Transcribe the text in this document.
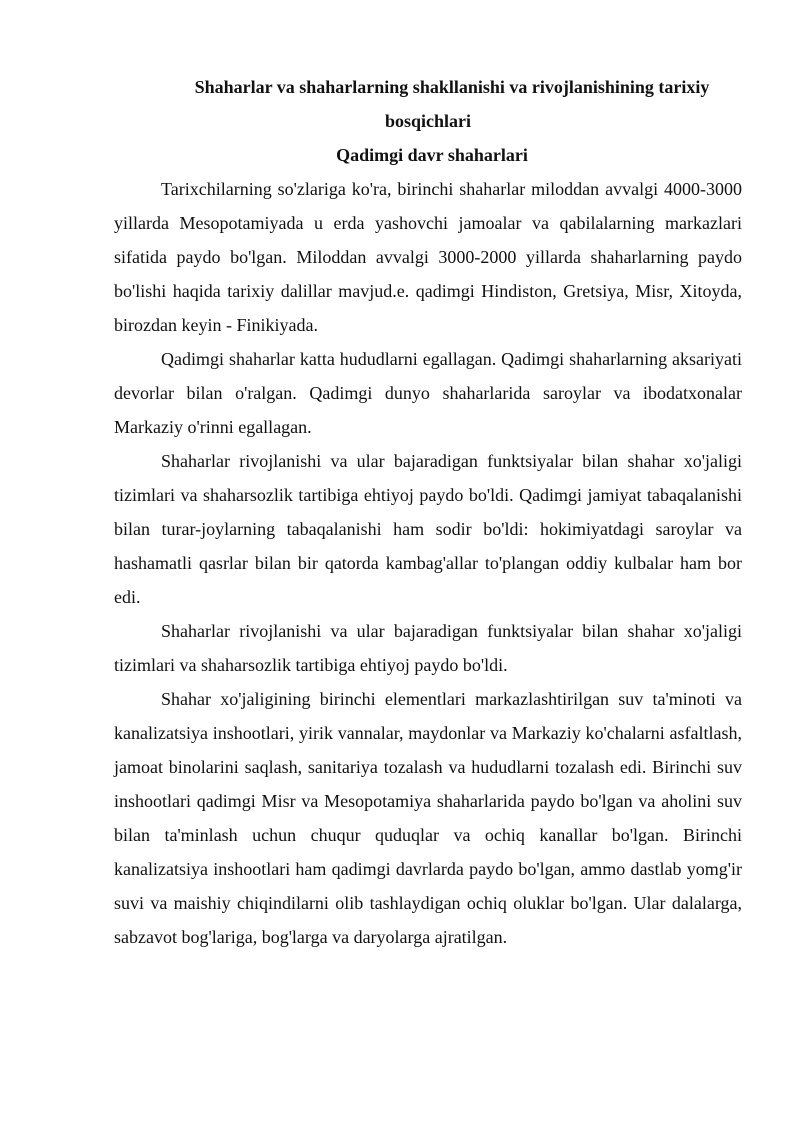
Shaharlar va shaharlarning shakllanishi va rivojlanishining tarixiy

bosqichlari

Qadimgi davr shaharlari

Tarixchilarning so'zlariga ko'ra, birinchi shaharlar miloddan avvalgi 4000-3000 yillarda Mesopotamiyada u erda yashovchi jamoalar va qabilalarning markazlari sifatida paydo bo'lgan. Miloddan avvalgi 3000-2000 yillarda shaharlarning paydo bo'lishi haqida tarixiy dalillar mavjud.e. qadimgi Hindiston, Gretsiya, Misr, Xitoyda, birozdan keyin - Finikiyada.

Qadimgi shaharlar katta hududlarni egallagan. Qadimgi shaharlarning aksariyati devorlar bilan o'ralgan. Qadimgi dunyo shaharlarida saroylar va ibodatxonalar Markaziy o'rinni egallagan.

Shaharlar rivojlanishi va ular bajaradigan funktsiyalar bilan shahar xo'jaligi tizimlari va shaharsozlik tartibiga ehtiyoj paydo bo'ldi. Qadimgi jamiyat tabaqalanishi bilan turar-joylarning tabaqalanishi ham sodir bo'ldi: hokimiyatdagi saroylar va hashamatli qasrlar bilan bir qatorda kambag'allar to'plangan oddiy kulbalar ham bor edi.

Shaharlar rivojlanishi va ular bajaradigan funktsiyalar bilan shahar xo'jaligi tizimlari va shaharsozlik tartibiga ehtiyoj paydo bo'ldi.

Shahar xo'jaligining birinchi elementlari markazlashtirilgan suv ta'minoti va kanalizatsiya inshootlari, yirik vannalar, maydonlar va Markaziy ko'chalarni asfaltlash, jamoat binolarini saqlash, sanitariya tozalash va hududlarni tozalash edi. Birinchi suv inshootlari qadimgi Misr va Mesopotamiya shaharlarida paydo bo'lgan va aholini suv bilan ta'minlash uchun chuqur quduqlar va ochiq kanallar bo'lgan. Birinchi kanalizatsiya inshootlari ham qadimgi davrlarda paydo bo'lgan, ammo dastlab yomg'ir suvi va maishiy chiqindilarni olib tashlaydigan ochiq oluklar bo'lgan. Ular dalalarga, sabzavot bog'lariga, bog'larga va daryolarga ajratilgan.
